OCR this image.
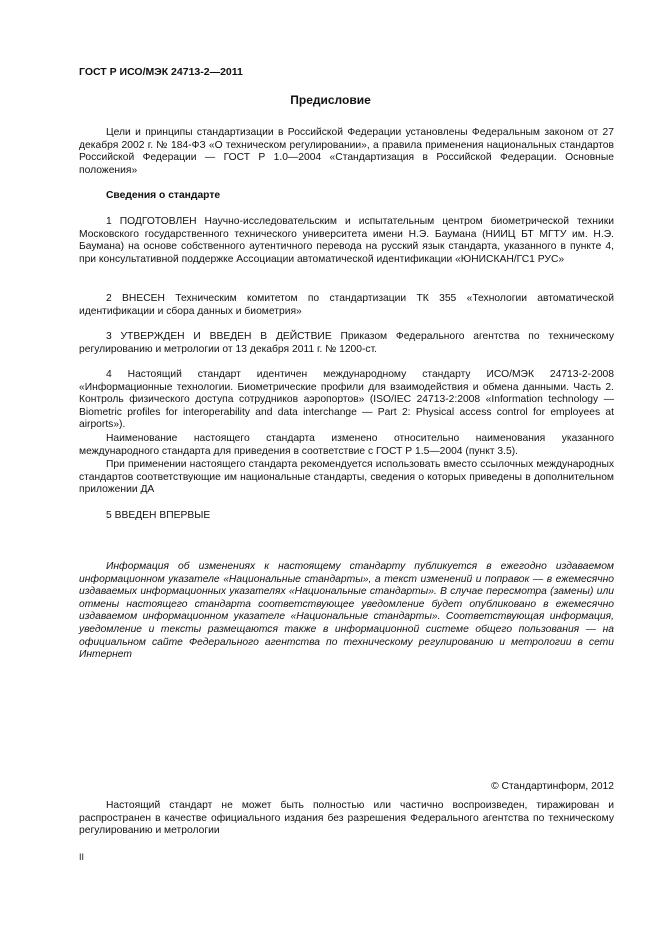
ГОСТ Р ИСО/МЭК 24713-2—2011
Предисловие

Цели и принципы стандартизации в Российской Федерации установлены Федеральным законом от 27 декабря 2002 г. № 184-ФЗ «О техническом регулировании», а правила применения национальных стандартов Российской Федерации — ГОСТ Р 1.0—2004 «Стандартизация в Российской Федерации. Основные положения»

Сведения о стандарте

1 ПОДГОТОВЛЕН Научно-исследовательским и испытательным центром биометрической техники Московского государственного технического университета имени Н.Э. Баумана (НИИЦ БТ МГТУ им. Н.Э. Баумана) на основе собственного аутентичного перевода на русский язык стандарта, указанного в пункте 4, при консультативной поддержке Ассоциации автоматической идентификации «ЮНИСКАН/ГС1 РУС»

2 ВНЕСЕН Техническим комитетом по стандартизации ТК 355 «Технологии автоматической идентификации и сбора данных и биометрия»

3 УТВЕРЖДЕН И ВВЕДЕН В ДЕЙСТВИЕ Приказом Федерального агентства по техническому регулированию и метрологии от 13 декабря 2011 г. № 1200-ст.

4 Настоящий стандарт идентичен международному стандарту ИСО/МЭК 24713-2-2008 «Информационные технологии. Биометрические профили для взаимодействия и обмена данными. Часть 2. Контроль физического доступа сотрудников аэропортов» (ISO/IEC 24713-2:2008 «Information technology — Biometric profiles for interoperability and data interchange — Part 2: Physical access control for employees at airports»).

Наименование настоящего стандарта изменено относительно наименования указанного международного стандарта для приведения в соответствие с ГОСТ Р 1.5—2004 (пункт 3.5).

При применении настоящего стандарта рекомендуется использовать вместо ссылочных международных стандартов соответствующие им национальные стандарты, сведения о которых приведены в дополнительном приложении ДА

5 ВВЕДЕН ВПЕРВЫЕ

Информация об изменениях к настоящему стандарту публикуется в ежегодно издаваемом информационном указателе «Национальные стандарты», а текст изменений и поправок — в ежемесячно издаваемых информационных указателях «Национальные стандарты». В случае пересмотра (замены) или отмены настоящего стандарта соответствующее уведомление будет опубликовано в ежемесячно издаваемом информационном указателе «Национальные стандарты». Соответствующая информация, уведомление и тексты размещаются также в информационной системе общего пользования — на официальном сайте Федерального агентства по техническому регулированию и метрологии в сети Интернет

© Стандартинформ, 2012

Настоящий стандарт не может быть полностью или частично воспроизведен, тиражирован и распространен в качестве официального издания без разрешения Федерального агентства по техническому регулированию и метрологии

II
